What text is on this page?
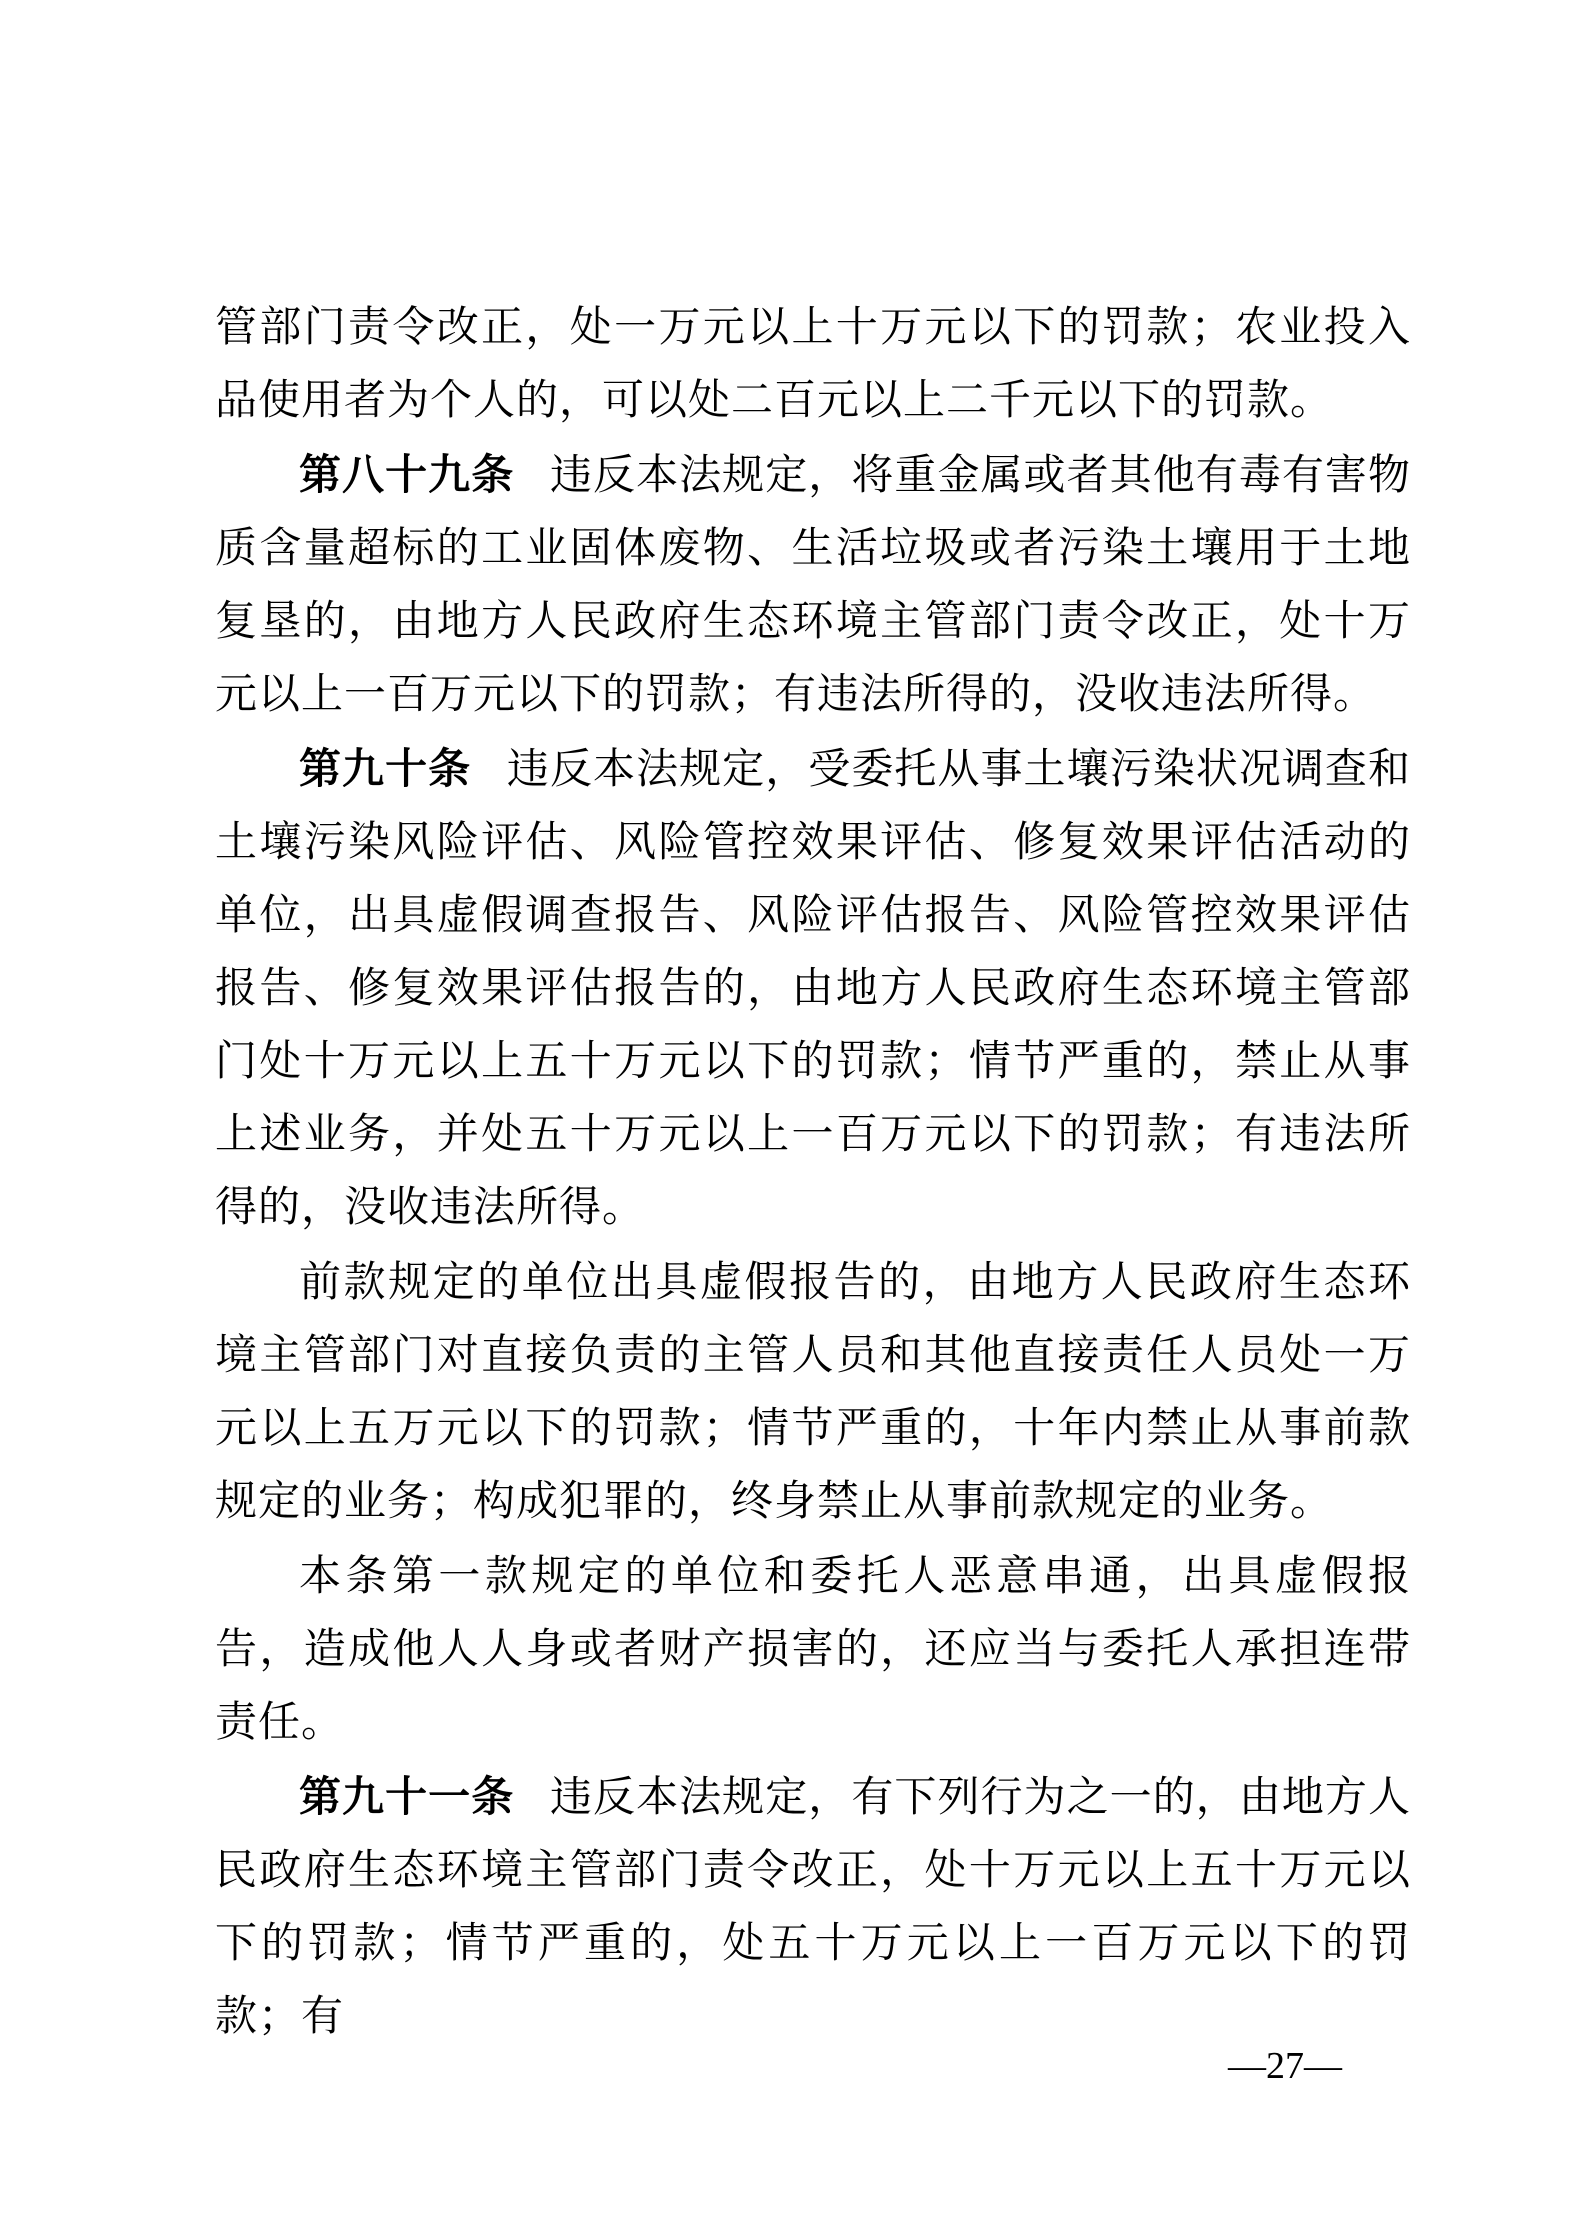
管部门责令改正，处一万元以上十万元以下的罚款；农业投入品使用者为个人的，可以处二百元以上二千元以下的罚款。

第八十九条 违反本法规定，将重金属或者其他有毒有害物质含量超标的工业固体废物、生活垃圾或者污染土壤用于土地复垦的，由地方人民政府生态环境主管部门责令改正，处十万元以上一百万元以下的罚款；有违法所得的，没收违法所得。

第九十条 违反本法规定，受委托从事土壤污染状况调查和土壤污染风险评估、风险管控效果评估、修复效果评估活动的单位，出具虚假调查报告、风险评估报告、风险管控效果评估报告、修复效果评估报告的，由地方人民政府生态环境主管部门处十万元以上五十万元以下的罚款；情节严重的，禁止从事上述业务，并处五十万元以上一百万元以下的罚款；有违法所得的，没收违法所得。

前款规定的单位出具虚假报告的，由地方人民政府生态环境主管部门对直接负责的主管人员和其他直接责任人员处一万元以上五万元以下的罚款；情节严重的，十年内禁止从事前款规定的业务；构成犯罪的，终身禁止从事前款规定的业务。

本条第一款规定的单位和委托人恶意串通，出具虚假报告，造成他人人身或者财产损害的，还应当与委托人承担连带责任。

第九十一条 违反本法规定，有下列行为之一的，由地方人民政府生态环境主管部门责令改正，处十万元以上五十万元以下的罚款；情节严重的，处五十万元以上一百万元以下的罚款；有

—27—
